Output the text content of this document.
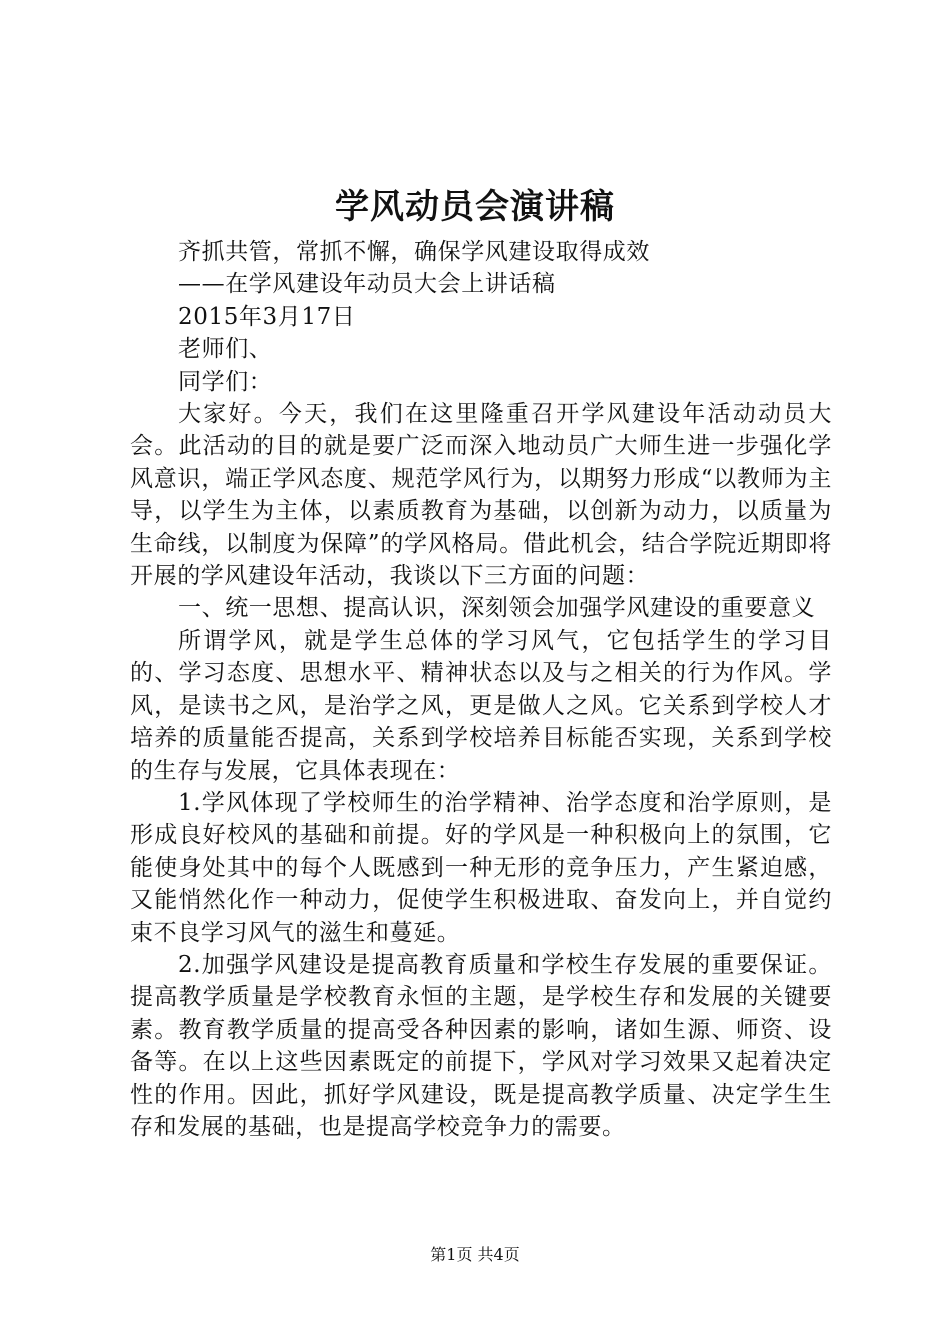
学风动员会演讲稿

齐抓共管，常抓不懈，确保学风建设取得成效

——在学风建设年动员大会上讲话稿

2015年3月17日

老师们、

同学们：

大家好。今天，我们在这里隆重召开学风建设年活动动员大会。此活动的目的就是要广泛而深入地动员广大师生进一步强化学风意识，端正学风态度、规范学风行为，以期努力形成“以教师为主导，以学生为主体，以素质教育为基础，以创新为动力，以质量为生命线，以制度为保障”的学风格局。借此机会，结合学院近期即将开展的学风建设年活动，我谈以下三方面的问题：

一、统一思想、提高认识，深刻领会加强学风建设的重要意义

所谓学风，就是学生总体的学习风气，它包括学生的学习目的、学习态度、思想水平、精神状态以及与之相关的行为作风。学风，是读书之风，是治学之风，更是做人之风。它关系到学校人才培养的质量能否提高，关系到学校培养目标能否实现，关系到学校的生存与发展，它具体表现在：

1.学风体现了学校师生的治学精神、治学态度和治学原则，是形成良好校风的基础和前提。好的学风是一种积极向上的氛围，它能使身处其中的每个人既感到一种无形的竞争压力，产生紧迫感，又能悄然化作一种动力，促使学生积极进取、奋发向上，并自觉约束不良学习风气的滋生和蔓延。

2.加强学风建设是提高教育质量和学校生存发展的重要保证。提高教学质量是学校教育永恒的主题，是学校生存和发展的关键要素。教育教学质量的提高受各种因素的影响，诸如生源、师资、设备等。在以上这些因素既定的前提下，学风对学习效果又起着决定性的作用。因此，抓好学风建设，既是提高教学质量、决定学生生存和发展的基础，也是提高学校竞争力的需要。

第1页 共4页
